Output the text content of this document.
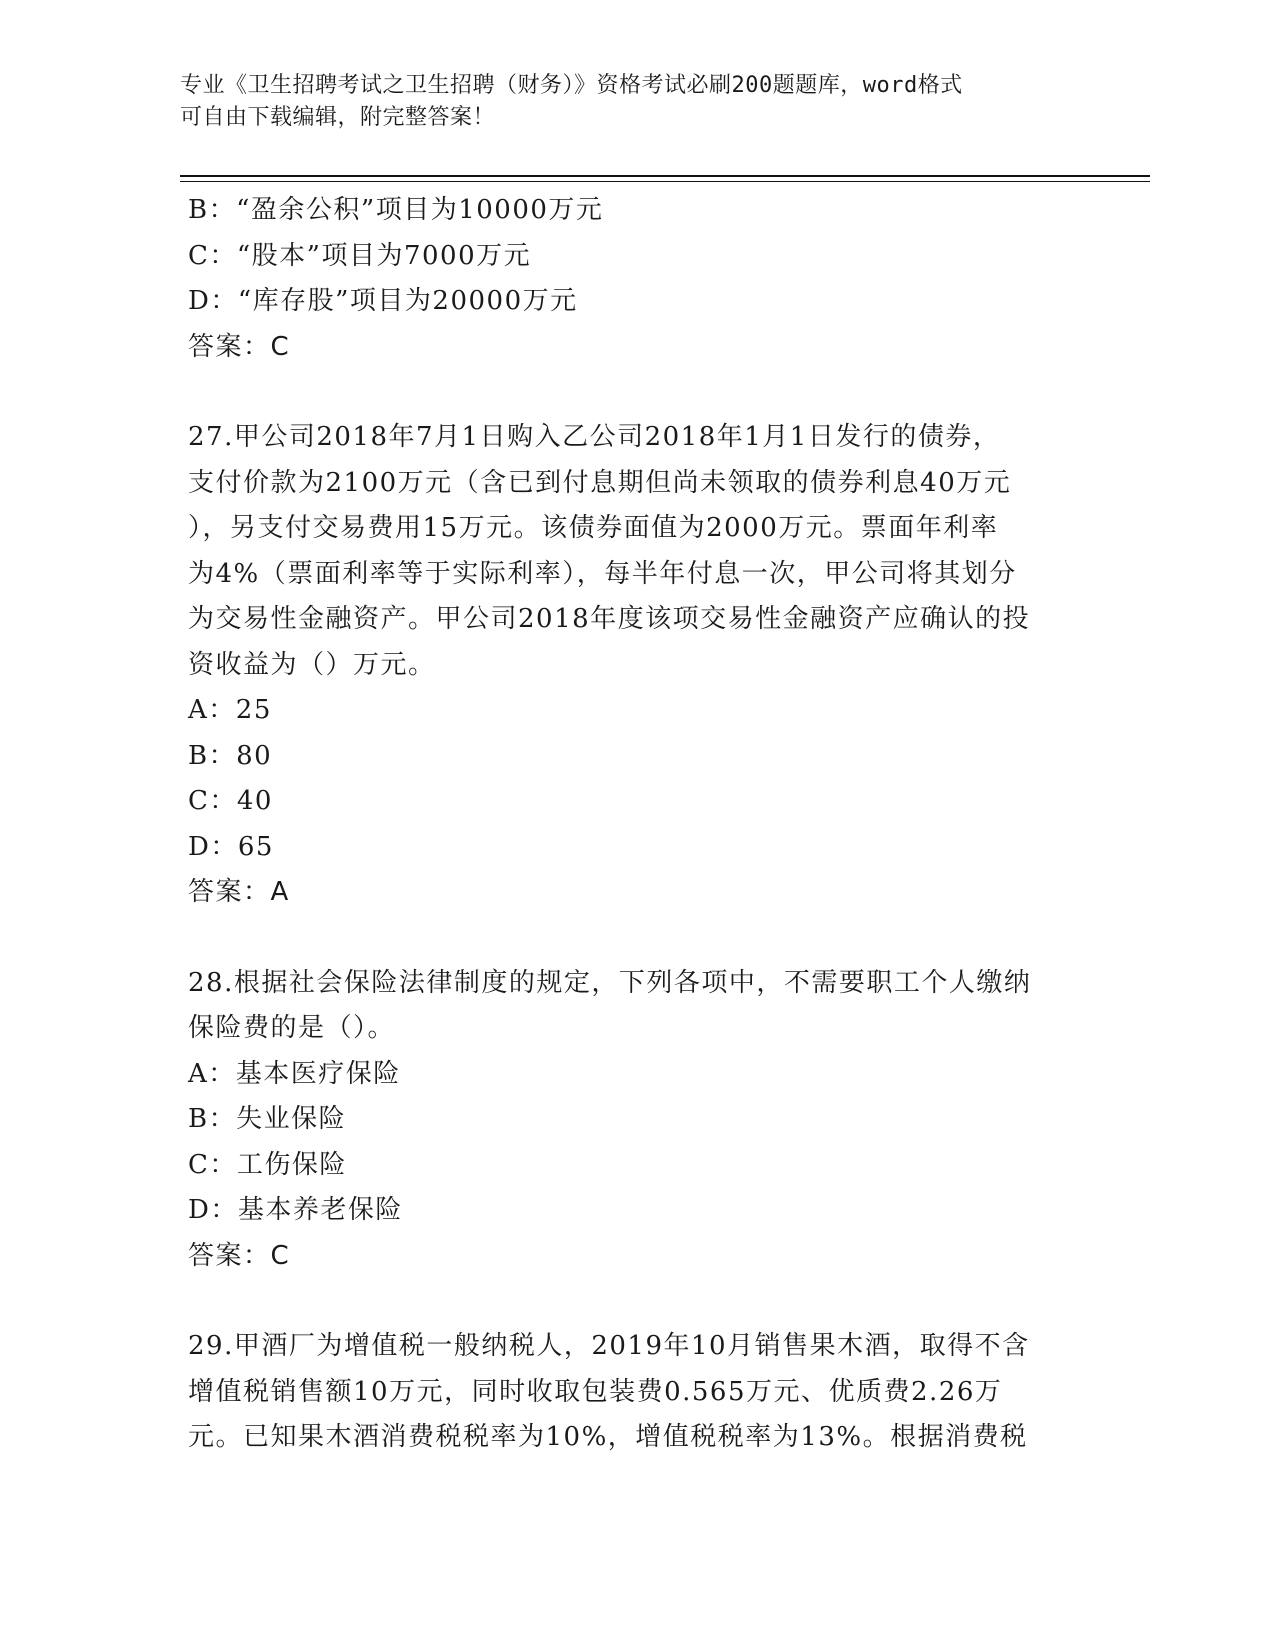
专业《卫生招聘考试之卫生招聘（财务）》资格考试必刷200题题库，word格式
可自由下载编辑，附完整答案！
B：“盈余公积”项目为10000万元
C：“股本”项目为7000万元
D：“库存股”项目为20000万元
答案：C
27.甲公司2018年7月1日购入乙公司2018年1月1日发行的债券，
支付价款为2100万元（含已到付息期但尚未领取的债券利息40万元
），另支付交易费用15万元。该债券面值为2000万元。票面年利率
为4%（票面利率等于实际利率），每半年付息一次，甲公司将其划分
为交易性金融资产。甲公司2018年度该项交易性金融资产应确认的投
资收益为（）万元。
A：25
B：80
C：40
D：65
答案：A
28.根据社会保险法律制度的规定，下列各项中，不需要职工个人缴纳
保险费的是（）。
A：基本医疗保险
B：失业保险
C：工伤保险
D：基本养老保险
答案：C
29.甲酒厂为增值税一般纳税人，2019年10月销售果木酒，取得不含
增值税销售额10万元，同时收取包装费0.565万元、优质费2.26万
元。已知果木酒消费税税率为10%，增值税税率为13%。根据消费税
